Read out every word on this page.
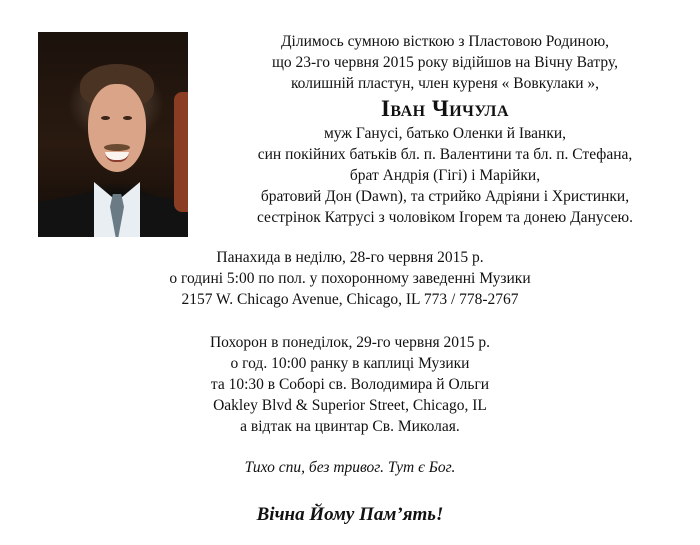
Ділимось сумною вісткою з Пластовою Родиною,
що 23-го червня 2015 року відійшов на Вічну Ватру,
колишній пластун, член куреня « Вовкулаки »,
Іван Чичула
муж Ганусі, батько Оленки й Іванки,
син покійних батьків бл. п. Валентини та бл. п. Стефана,
брат Андрія (Гігі) і Марійки,
братовий Дон (Dawn), та стрийко Адріяни і Христинки,
сестрінок Катрусі з чоловіком Ігорем та донею Данусею.
Панахида в неділю, 28-го червня 2015 р.
о годині 5:00 по пол. у похоронному заведенні Музики
2157 W. Chicago Avenue, Chicago, IL 773 / 778-2767
Похорон в понеділок, 29-го червня 2015 р.
о год. 10:00 ранку в каплиці Музики
та 10:30 в Соборі св. Володимира й Ольги
Oakley Blvd & Superior Street, Chicago, IL
а відтак на цвинтар Св. Миколая.
Тихо спи, без тривог. Тут є Бог.
Вічна Йому Пам’ять!
